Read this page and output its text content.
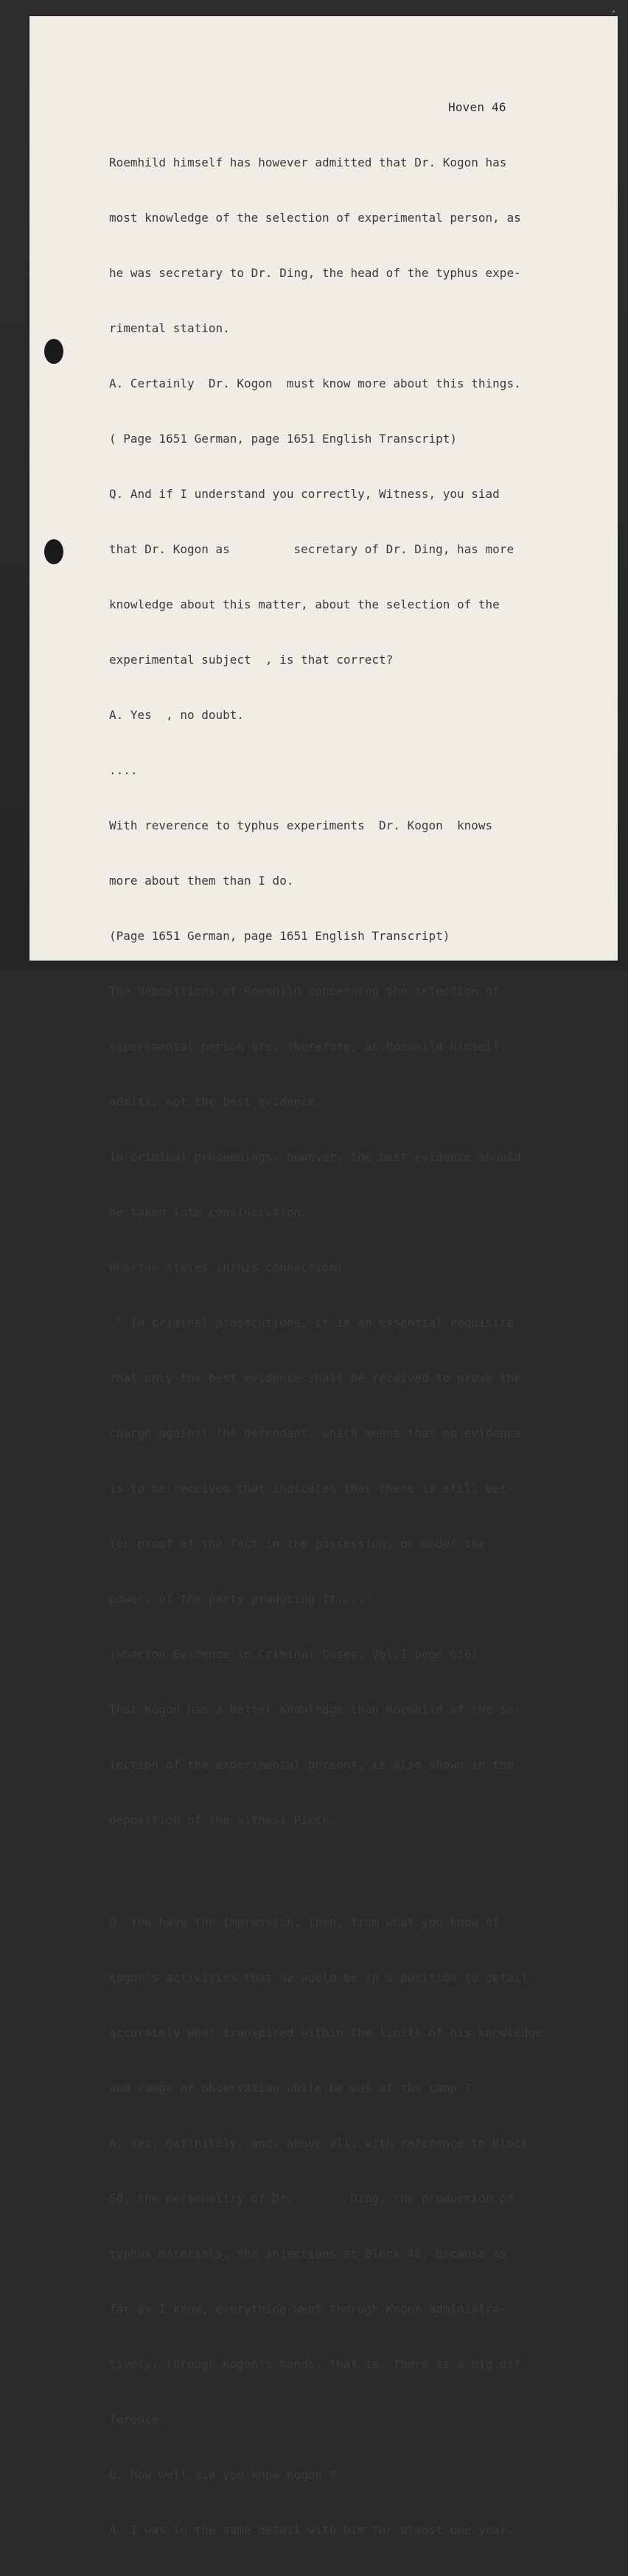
Hoven 46

Roemhild himself has however admitted that Dr. Kogon has

most knowledge of the selection of experimental person, as

he was secretary to Dr. Ding, the head of the typhus expe-

rimental station.

A. Certainly  Dr. Kogon  must know more about this things.

( Page 1651 German, page 1651 English Transcript)

Q. And if I understand you correctly, Witness, you siad

that Dr. Kogon as         secretary of Dr. Ding, has more

knowledge about this matter, about the selection of the

experimental subject  , is that correct?

A. Yes  , no doubt.

....

With reverence to typhus experiments  Dr. Kogon  knows

more about them than I do.

(Page 1651 German, page 1651 English Transcript)

The depositions of Roemhild concerning the selection of

experimental person are, therefore, as Roemhild himself

admits, not the best evidence.

In criminal proseedings, however, the best evidence should

be taken into consideration.

Wharton states inthis connection:

" In criminal prosecutions, it is an essential requisite

that only the best evidence shall be received to prove the

charge against the defendant, which means that no evidence

is to be received that indicates that there is still bet-

ter proof of the fact in the possession, or under the

power, of the party producing it...."

(Wharton Evidence in Criminal Cases, Vol.I page 616)

That Kogon has a better knowledge than Roemhild of the se-

lection of the experimental persons, is also shown in the

deposition of the witness Pieck.

Q. You have the impression, then, from what you know of

Kogon's activities that he would be in a position to detail

accurately what transpired within the limits of his knowledge

and range or observation while he was at the camp ?

A. Yes, definitely, and, above all, with reference to Block

50, the personality of Dr.        Ding, the production of

typhus materials, the injections at Block 46, because as

far as I know, everything went thorugh Kogon administra-

tively, through Kogon's hands, that is. There is a big dif-

ference.

Q. How well did you know Kogon ?

A. I was in the same detail with him for almost one year.
